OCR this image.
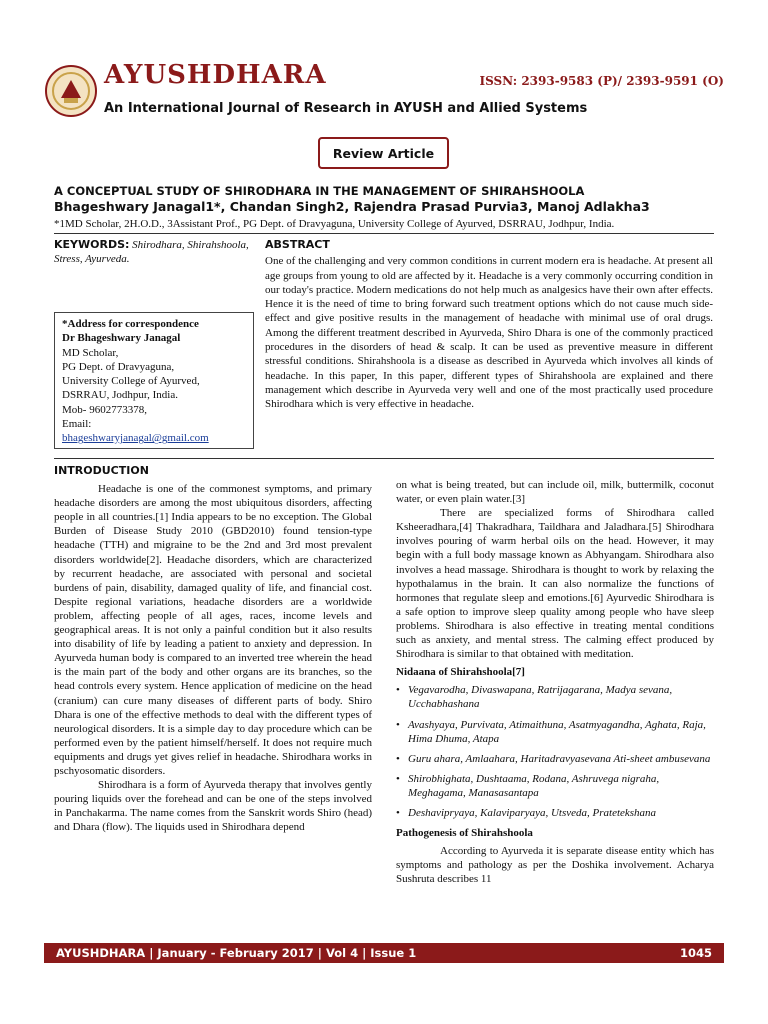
AYUSHDHARA	ISSN: 2393-9583 (P)/ 2393-9591 (O)
An International Journal of Research in AYUSH and Allied Systems
Review Article
A CONCEPTUAL STUDY OF SHIRODHARA IN THE MANAGEMENT OF SHIRAHSHOOLA
Bhageshwary Janagal1*, Chandan Singh2, Rajendra Prasad Purvia3, Manoj Adlakha3
*1MD Scholar, 2H.O.D., 3Assistant Prof., PG Dept. of Dravyaguna, University College of Ayurved, DSRRAU, Jodhpur, India.
KEYWORDS: Shirodhara, Shirahshoola, Stress, Ayurveda.
*Address for correspondence
Dr Bhageshwary Janagal
MD Scholar,
PG Dept. of Dravyaguna,
University College of Ayurved,
DSRRAU, Jodhpur, India.
Mob- 9602773378,
Email:
bhageshwaryjanagal@gmail.com
ABSTRACT
One of the challenging and very common conditions in current modern era is headache. At present all age groups from young to old are affected by it. Headache is a very commonly occurring condition in our today's practice. Modern medications do not help much as analgesics have their own after effects. Hence it is the need of time to bring forward such treatment options which do not cause much side-effect and give positive results in the management of headache with minimal use of oral drugs. Among the different treatment described in Ayurveda, Shiro Dhara is one of the commonly practiced procedures in the disorders of head & scalp. It can be used as preventive measure in different stressful conditions. Shirahshoola is a disease as described in Ayurveda which involves all kinds of headache. In this paper, In this paper, different types of Shirahshoola are explained and there management which describe in Ayurveda very well and one of the most practically used procedure Shirodhara which is very effective in headache.
INTRODUCTION

Headache is one of the commonest symptoms, and primary headache disorders are among the most ubiquitous disorders, affecting people in all countries.[1] India appears to be no exception. The Global Burden of Disease Study 2010 (GBD2010) found tension-type headache (TTH) and migraine to be the 2nd and 3rd most prevalent disorders worldwide[2]. Headache disorders, which are characterized by recurrent headache, are associated with personal and societal burdens of pain, disability, damaged quality of life, and financial cost. Despite regional variations, headache disorders are a worldwide problem, affecting people of all ages, races, income levels and geographical areas. It is not only a painful condition but it also results into disability of life by leading a patient to anxiety and depression. In Ayurveda human body is compared to an inverted tree wherein the head is the main part of the body and other organs are its branches, so the head controls every system. Hence application of medicine on the head (cranium) can cure many diseases of different parts of body. Shiro Dhara is one of the effective methods to deal with the different types of neurological disorders. It is a simple day to day procedure which can be performed even by the patient himself/herself. It does not require much equipments and drugs yet gives relief in headache. Shirodhara works in pschyosomatic disorders.

Shirodhara is a form of Ayurveda therapy that involves gently pouring liquids over the forehead and can be one of the steps involved in Panchakarma. The name comes from the Sanskrit words Shiro (head) and Dhara (flow). The liquids used in Shirodhara depend

on what is being treated, but can include oil, milk, buttermilk, coconut water, or even plain water.[3]

There are specialized forms of Shirodhara called Ksheeradhara,[4] Thakradhara, Taildhara and Jaladhara.[5] Shirodhara involves pouring of warm herbal oils on the head. However, it may begin with a full body massage known as Abhyangam. Shirodhara also involves a head massage. Shirodhara is thought to work by relaxing the hypothalamus in the brain. It can also normalize the functions of hormones that regulate sleep and emotions.[6] Ayurvedic Shirodhara is a safe option to improve sleep quality among people who have sleep problems. Shirodhara is also effective in treating mental conditions such as anxiety, and mental stress. The calming effect produced by Shirodhara is similar to that obtained with meditation.

Nidaana of Shirahshoola[7]
• Vegavarodha, Divaswapana, Ratrijagarana, Madya sevana, Ucchabhashana
• Avashyaya, Purvivata, Atimaithuna, Asatmyagandha, Aghata, Raja, Hima Dhuma, Atapa
• Guru ahara, Amlaahara, Haritadravyasevana Ati-sheet ambusevana
• Shirobhighata, Dushtaama, Rodana, Ashruvega nigraha, Meghagama, Manasasantapa
• Deshavipryaya, Kalaviparyaya, Utsveda, Pratetekshana
Pathogenesis of Shirahshoola

According to Ayurveda it is separate disease entity which has symptoms and pathology as per the Doshika involvement. Acharya Sushruta describes 11

AYUSHDHARA | January - February 2017 | Vol 4 | Issue 1	1045
